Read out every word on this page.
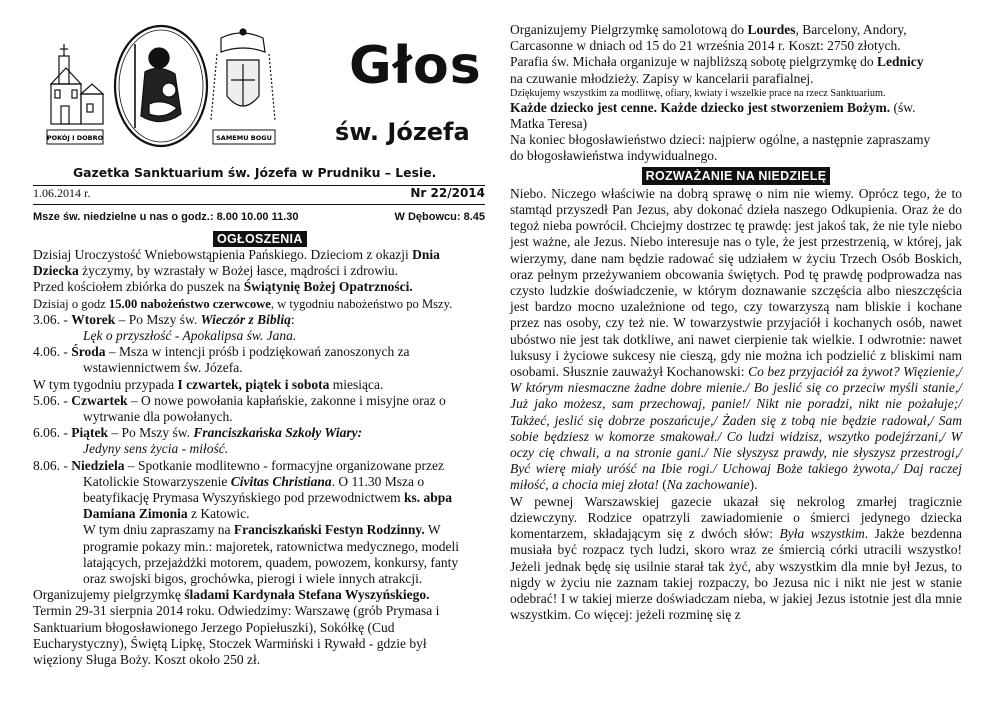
POKÓJ I DOBRO	SAMEMU BOGU
Głos
św. Józefa
Gazetka Sanktuarium św. Józefa w Prudniku – Lesie.
1.06.2014 r.	Nr 22/2014
Msze św. niedzielne u nas o godz.: 8.00 10.00 11.30	W Dębowcu: 8.45
OGŁOSZENIA

Dzisiaj Uroczystość Wniebowstąpienia Pańskiego. Dzieciom z okazji Dnia Dziecka życzymy, by wzrastały w Bożej łasce, mądrości i zdrowiu.

Przed kościołem zbiórka do puszek na Świątynię Bożej Opatrzności.

Dzisiaj o godz 15.00 nabożeństwo czerwcowe, w tygodniu nabożeństwo po Mszy.

3.06. - Wtorek – Po Mszy św. Wieczór z Biblią:

Lęk o przyszłość - Apokalipsa św. Jana.

4.06. - Środa – Msza w intencji próśb i podziękowań zanoszonych za

wstawiennictwem św. Józefa.

W tym tygodniu przypada I czwartek, piątek i sobota miesiąca.

5.06. - Czwartek – O nowe powołania kapłańskie, zakonne i misyjne oraz o

wytrwanie dla powołanych.

6.06. - Piątek – Po Mszy św. Franciszkańska Szkoły Wiary:

Jedyny sens życia - miłość.

8.06. - Niedziela – Spotkanie modlitewno - formacyjne organizowane przez

Katolickie Stowarzyszenie Civitas Christiana. O 11.30 Msza o

beatyfikację Prymasa Wyszyńskiego pod przewodnictwem ks. abpa

Damiana Zimonia z Katowic.

W tym dniu zapraszamy na Franciszkański Festyn Rodzinny. W

programie pokazy min.: majoretek, ratownictwa medycznego, modeli

latających, przejażdżki motorem, quadem, powozem, konkursy, fanty

oraz swojski bigos, grochówka, pierogi i wiele innych atrakcji.

Organizujemy pielgrzymkę śladami Kardynała Stefana Wyszyńskiego.

Termin 29-31 sierpnia 2014 roku. Odwiedzimy: Warszawę (grób Prymasa i

Sanktuarium błogosławionego Jerzego Popiełuszki), Sokółkę (Cud

Eucharystyczny), Świętą Lipkę, Stoczek Warmiński i Rywałd - gdzie był

więziony Sługa Boży. Koszt około 250 zł.

Organizujemy Pielgrzymkę samolotową do Lourdes, Barcelony, Andory,

Carcasonne w dniach od 15 do 21 września 2014 r. Koszt: 2750 złotych.

Parafia św. Michała organizuje w najbliższą sobotę pielgrzymkę do Lednicy

na czuwanie młodzieży. Zapisy w kancelarii parafialnej.

Dziękujemy wszystkim za modlitwę, ofiary, kwiaty i wszelkie prace na rzecz Sanktuarium.

Każde dziecko jest cenne. Każde dziecko jest stworzeniem Bożym. (św.

Matka Teresa)

Na koniec błogosławieństwo dzieci: najpierw ogólne, a następnie zapraszamy

do błogosławieństwa indywidualnego.

ROZWAŻANIE NA NIEDZIELĘ

Niebo. Niczego właściwie na dobrą sprawę o nim nie wiemy. Oprócz tego, że to stamtąd przyszedł Pan Jezus, aby dokonać dzieła naszego Odkupienia. Oraz że do tegoż nieba powrócił. Chciejmy dostrzec tę prawdę: jest jakoś tak, że nie tyle niebo jest ważne, ale Jezus. Niebo interesuje nas o tyle, że jest przestrzenią, w której, jak wierzymy, dane nam będzie radować się udziałem w życiu Trzech Osób Boskich, oraz pełnym przeżywaniem obcowania świętych. Pod tę prawdę podprowadza nas czysto ludzkie doświadczenie, w którym doznawanie szczęścia albo nieszczęścia jest bardzo mocno uzależnione od tego, czy towarzyszą nam bliskie i kochane przez nas osoby, czy też nie. W towarzystwie przyjaciół i kochanych osób, nawet ubóstwo nie jest tak dotkliwe, ani nawet cierpienie tak wielkie. I odwrotnie: nawet luksusy i życiowe sukcesy nie cieszą, gdy nie można ich podzielić z bliskimi nam osobami. Słusznie zauważył Kochanowski: Co bez przyjaciół za żywot? Więzienie,/ W którym niesmaczne żadne dobre mienie./ Bo jeslić się co przeciw myśli stanie,/ Już jako możesz, sam przechowaj, panie!/ Nikt nie poradzi, nikt nie pożałuje;/ Takżeć, jeslić się dobrze poszańcuje,/ Żaden się z tobą nie będzie radował,/ Sam sobie będziesz w komorze smakował./ Co ludzi widzisz, wszytko podejźrzani,/ W oczy cię chwali, a na stronie gani./ Nie słyszysz prawdy, nie słyszysz przestrogi,/ Być wierę miały uróść na Ibie rogi./ Uchowaj Boże takiego żywota,/ Daj raczej miłość, a chocia miej złota! (Na zachowanie).

W pewnej Warszawskiej gazecie ukazał się nekrolog zmarłej tragicznie dziewczyny. Rodzice opatrzyli zawiadomienie o śmierci jedynego dziecka komentarzem, składającym się z dwóch słów: Była wszystkim. Jakże bezdenna musiała być rozpacz tych ludzi, skoro wraz ze śmiercią córki utracili wszystko! Jeżeli jednak będę się usilnie starał tak żyć, aby wszystkim dla mnie był Jezus, to nigdy w życiu nie zaznam takiej rozpaczy, bo Jezusa nic i nikt nie jest w stanie odebrać! I w takiej mierze doświadczam nieba, w jakiej Jezus istotnie jest dla mnie wszystkim. Co więcej: jeżeli rozminę się z
